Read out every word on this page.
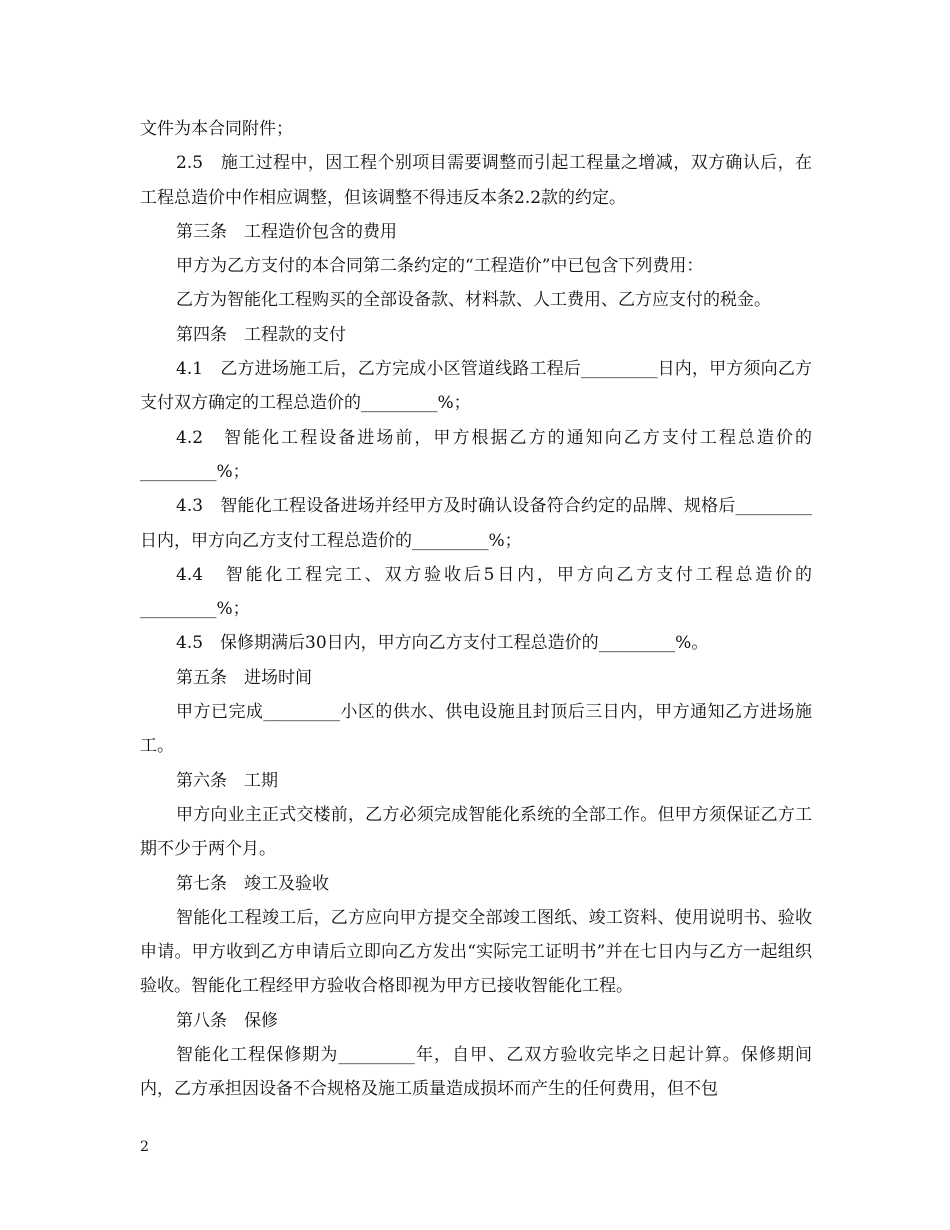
文件为本合同附件；

2.5　施工过程中，因工程个别项目需要调整而引起工程量之增减，双方确认后，在工程总造价中作相应调整，但该调整不得违反本条2.2款的约定。

第三条　工程造价包含的费用

甲方为乙方支付的本合同第二条约定的“工程造价”中已包含下列费用：

乙方为智能化工程购买的全部设备款、材料款、人工费用、乙方应支付的税金。

第四条　工程款的支付

4.1　乙方进场施工后，乙方完成小区管道线路工程后_________日内，甲方须向乙方支付双方确定的工程总造价的_________%；

4.2　智能化工程设备进场前，甲方根据乙方的通知向乙方支付工程总造价的_________%；

4.3　智能化工程设备进场并经甲方及时确认设备符合约定的品牌、规格后_________日内，甲方向乙方支付工程总造价的_________%；

4.4　智能化工程完工、双方验收后5日内，甲方向乙方支付工程总造价的_________%；

4.5　保修期满后30日内，甲方向乙方支付工程总造价的_________%。

第五条　进场时间

甲方已完成_________小区的供水、供电设施且封顶后三日内，甲方通知乙方进场施工。

第六条　工期

甲方向业主正式交楼前，乙方必须完成智能化系统的全部工作。但甲方须保证乙方工期不少于两个月。

第七条　竣工及验收

智能化工程竣工后，乙方应向甲方提交全部竣工图纸、竣工资料、使用说明书、验收申请。甲方收到乙方申请后立即向乙方发出“实际完工证明书”并在七日内与乙方一起组织验收。智能化工程经甲方验收合格即视为甲方已接收智能化工程。

第八条　保修

智能化工程保修期为_________年，自甲、乙双方验收完毕之日起计算。保修期间内，乙方承担因设备不合规格及施工质量造成损坏而产生的任何费用，但不包

2
